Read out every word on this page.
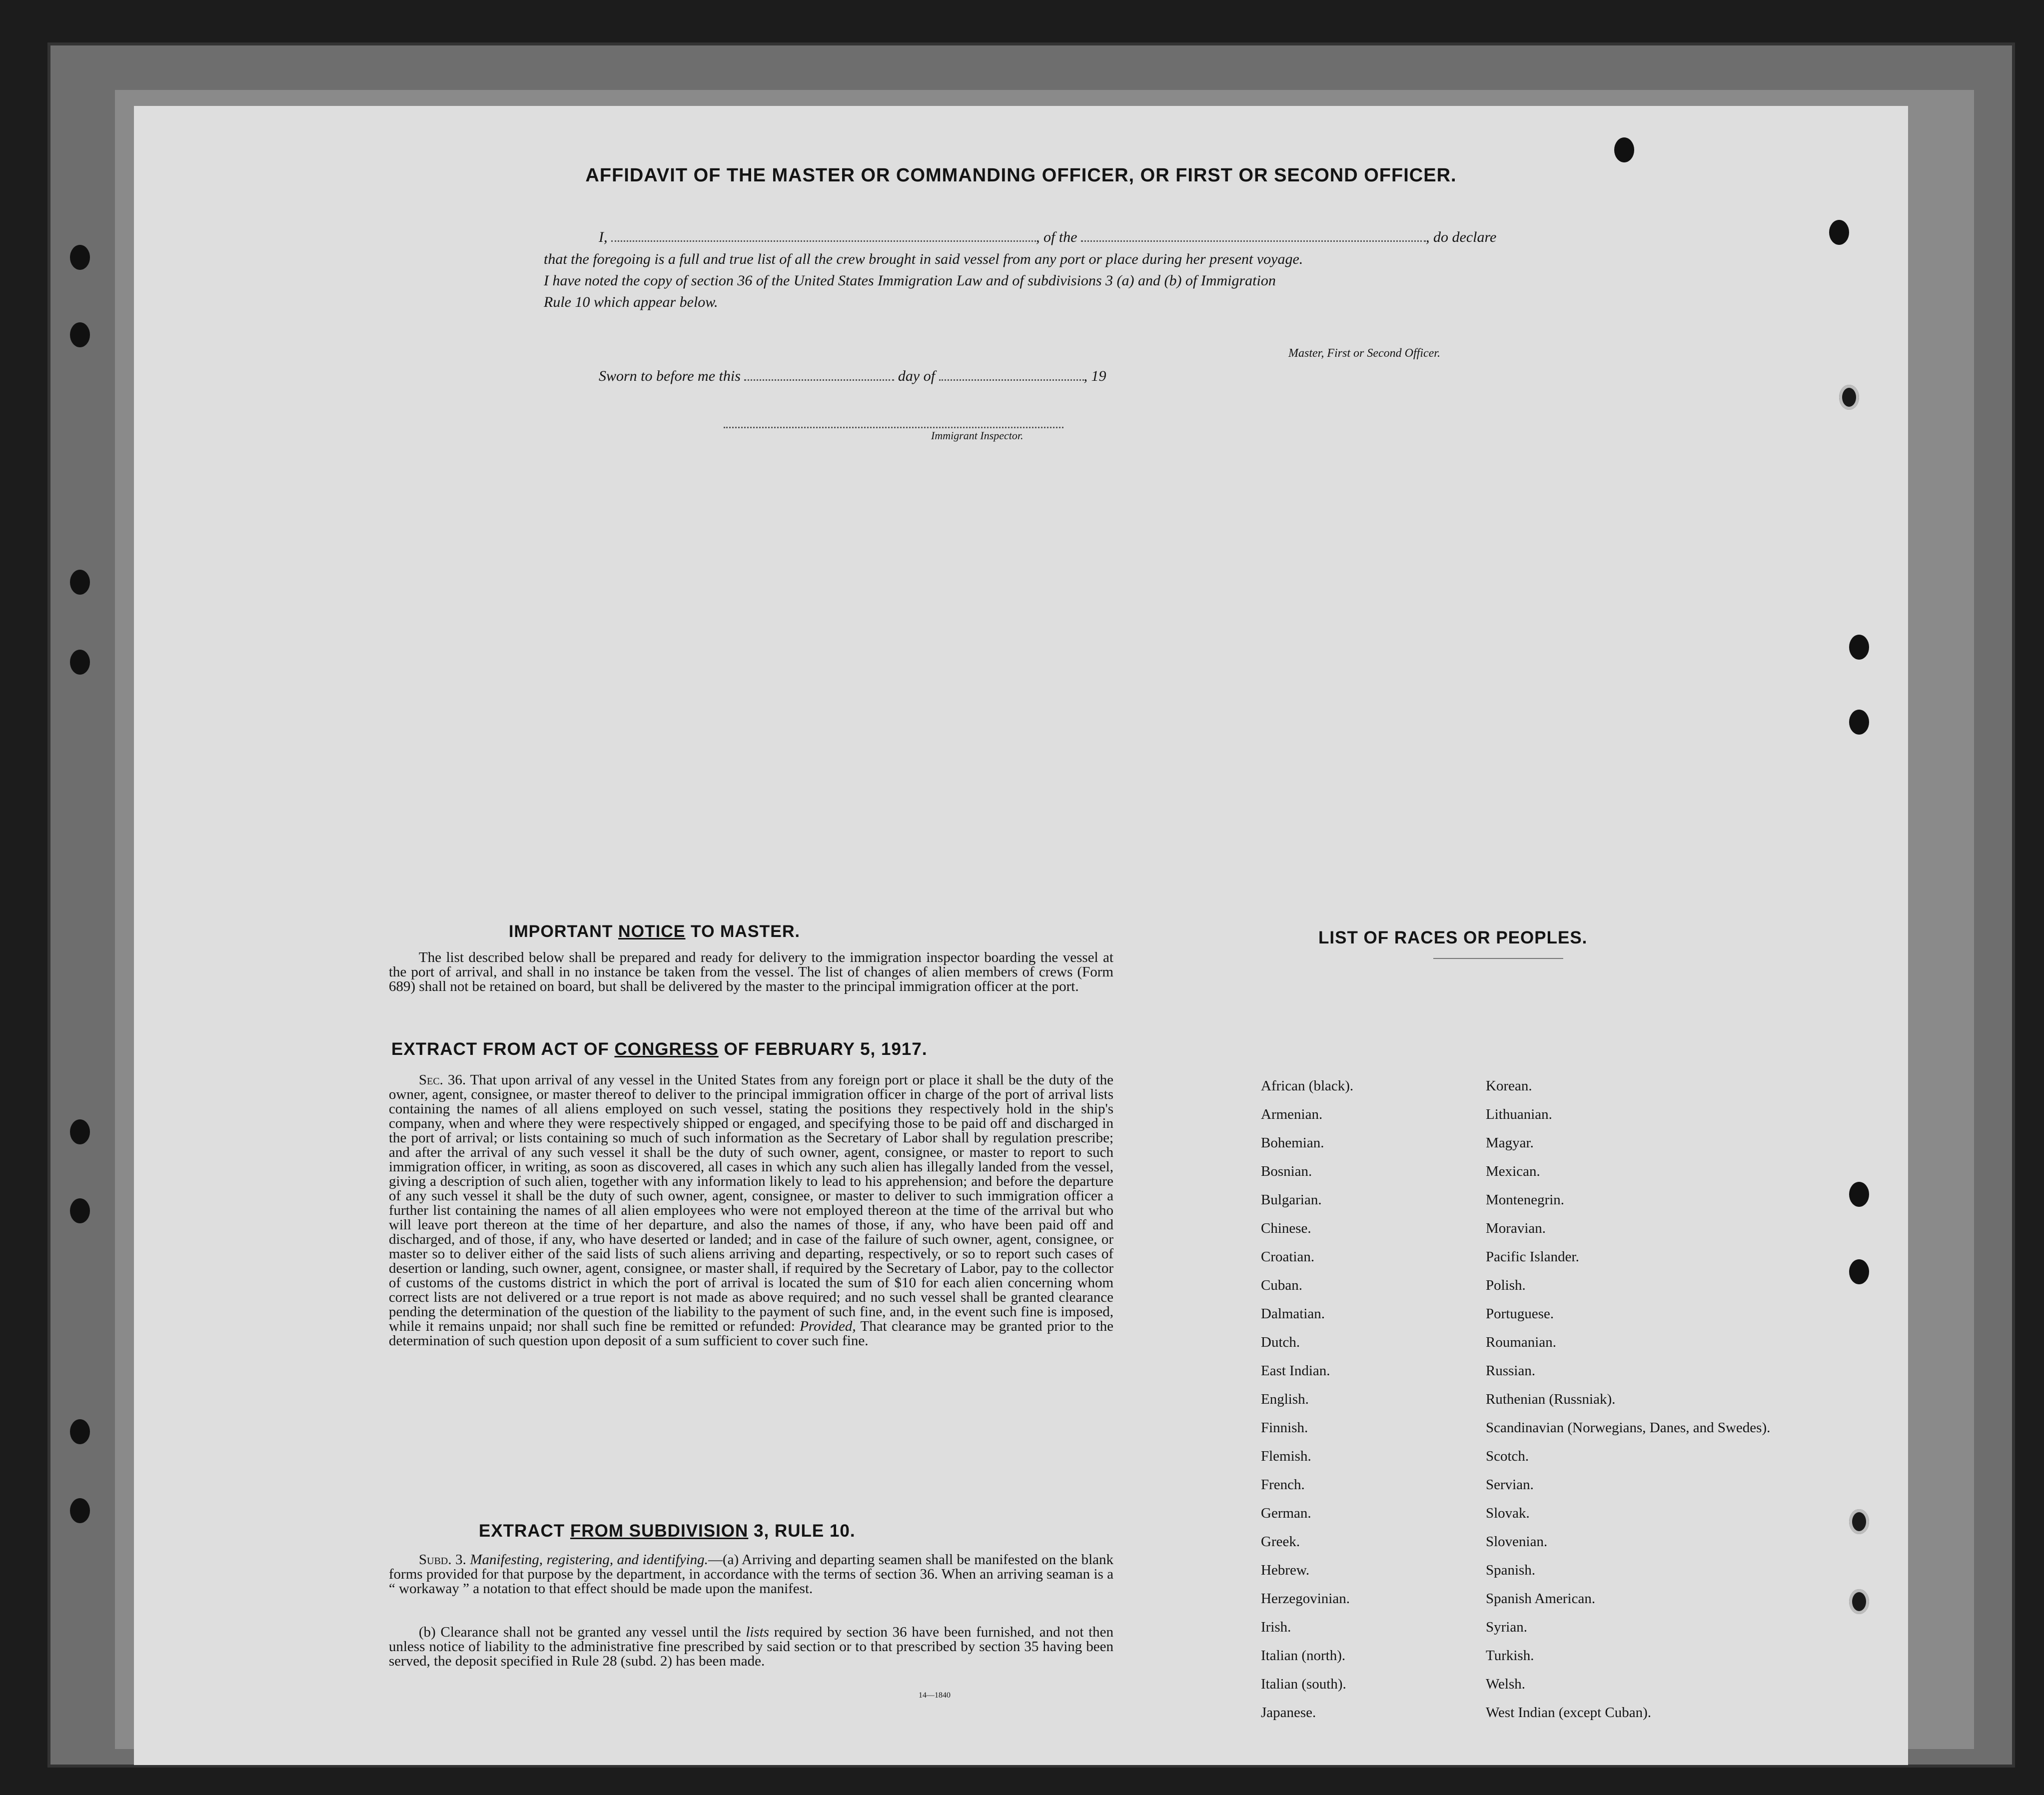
AFFIDAVIT OF THE MASTER OR COMMANDING OFFICER, OR FIRST OR SECOND OFFICER.
I,	, of the	, do declare
that the foregoing is a full and true list of all the crew brought in said vessel from any port or place during her present voyage.
I have noted the copy of section 36 of the United States Immigration Law and of subdivisions 3 (a) and (b) of Immigration
Rule 10 which appear below.
Master, First or Second Officer.
Sworn to before me this	day of	, 19
Immigrant Inspector.
IMPORTANT NOTICE TO MASTER.
The list described below shall be prepared and ready for delivery to the immigration inspector boarding the vessel at the port of arrival, and shall in no instance be taken from the vessel. The list of changes of alien members of crews (Form 689) shall not be retained on board, but shall be delivered by the master to the principal immigration officer at the port.
EXTRACT FROM ACT OF CONGRESS OF FEBRUARY 5, 1917.
Sec. 36. That upon arrival of any vessel in the United States from any foreign port or place it shall be the duty of the owner, agent, consignee, or master thereof to deliver to the principal immigration officer in charge of the port of arrival lists containing the names of all aliens employed on such vessel, stating the positions they respectively hold in the ship's company, when and where they were respectively shipped or engaged, and specifying those to be paid off and discharged in the port of arrival; or lists containing so much of such information as the Secretary of Labor shall by regulation prescribe; and after the arrival of any such vessel it shall be the duty of such owner, agent, consignee, or master to report to such immigration officer, in writing, as soon as discovered, all cases in which any such alien has illegally landed from the vessel, giving a description of such alien, together with any information likely to lead to his apprehension; and before the departure of any such vessel it shall be the duty of such owner, agent, consignee, or master to deliver to such immigration officer a further list containing the names of all alien employees who were not employed thereon at the time of the arrival but who will leave port thereon at the time of her departure, and also the names of those, if any, who have been paid off and discharged, and of those, if any, who have deserted or landed; and in case of the failure of such owner, agent, consignee, or master so to deliver either of the said lists of such aliens arriving and departing, respectively, or so to report such cases of desertion or landing, such owner, agent, consignee, or master shall, if required by the Secretary of Labor, pay to the collector of customs of the customs district in which the port of arrival is located the sum of $10 for each alien concerning whom correct lists are not delivered or a true report is not made as above required; and no such vessel shall be granted clearance pending the determination of the question of the liability to the payment of such fine, and, in the event such fine is imposed, while it remains unpaid; nor shall such fine be remitted or refunded: Provided, That clearance may be granted prior to the determination of such question upon deposit of a sum sufficient to cover such fine.
EXTRACT FROM SUBDIVISION 3, RULE 10.
Subd. 3. Manifesting, registering, and identifying.—(a) Arriving and departing seamen shall be manifested on the blank forms provided for that purpose by the department, in accordance with the terms of section 36. When an arriving seaman is a “ workaway ” a notation to that effect should be made upon the manifest.
(b) Clearance shall not be granted any vessel until the lists required by section 36 have been furnished, and not then unless notice of liability to the administrative fine prescribed by said section or to that prescribed by section 35 having been served, the deposit specified in Rule 28 (subd. 2) has been made.
14—1840
LIST OF RACES OR PEOPLES.
African (black).
Armenian.
Bohemian.
Bosnian.
Bulgarian.
Chinese.
Croatian.
Cuban.
Dalmatian.
Dutch.
East Indian.
English.
Finnish.
Flemish.
French.
German.
Greek.
Hebrew.
Herzegovinian.
Irish.
Italian (north).
Italian (south).
Japanese.
Korean.
Lithuanian.
Magyar.
Mexican.
Montenegrin.
Moravian.
Pacific Islander.
Polish.
Portuguese.
Roumanian.
Russian.
Ruthenian (Russniak).
Scandinavian (Norwegians, Danes, and Swedes).
Scotch.
Servian.
Slovak.
Slovenian.
Spanish.
Spanish American.
Syrian.
Turkish.
Welsh.
West Indian (except Cuban).
